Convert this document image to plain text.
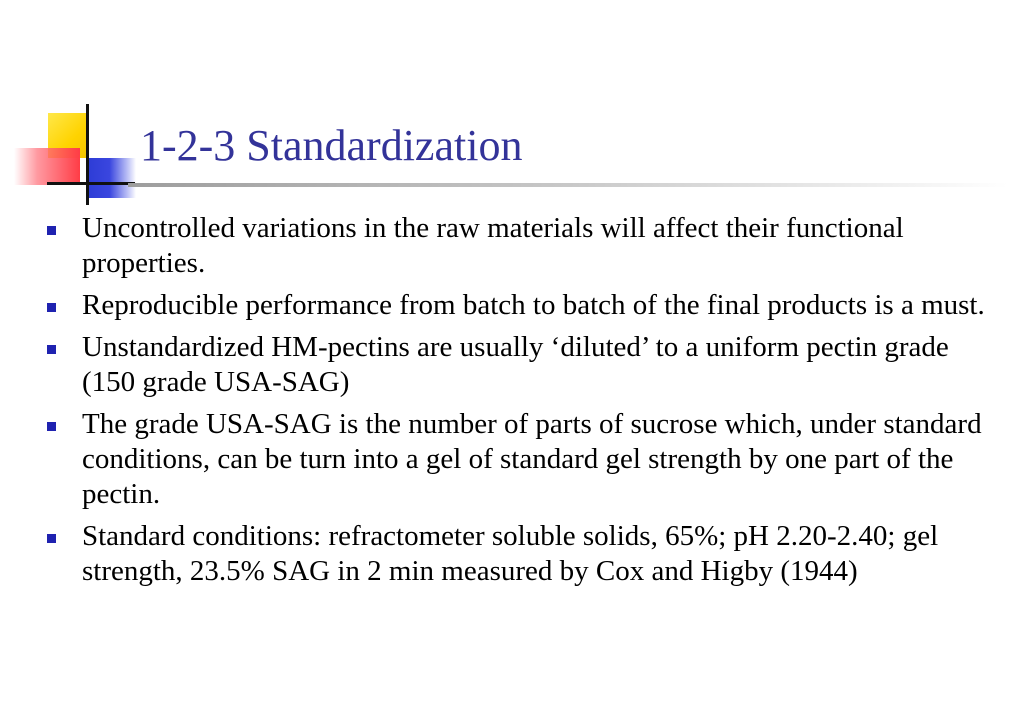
1-2-3 Standardization
Uncontrolled variations in the raw materials will affect their functional properties.
Reproducible performance from batch to batch of the final products is a must.
Unstandardized HM-pectins are usually ‘diluted’ to a uniform pectin grade (150 grade USA-SAG)
The grade USA-SAG is the number of parts of sucrose which, under standard conditions, can be turn into a gel of standard gel strength by one part of the pectin.
Standard conditions: refractometer soluble solids, 65%; pH 2.20-2.40; gel strength, 23.5% SAG in 2 min measured by Cox and Higby (1944)
